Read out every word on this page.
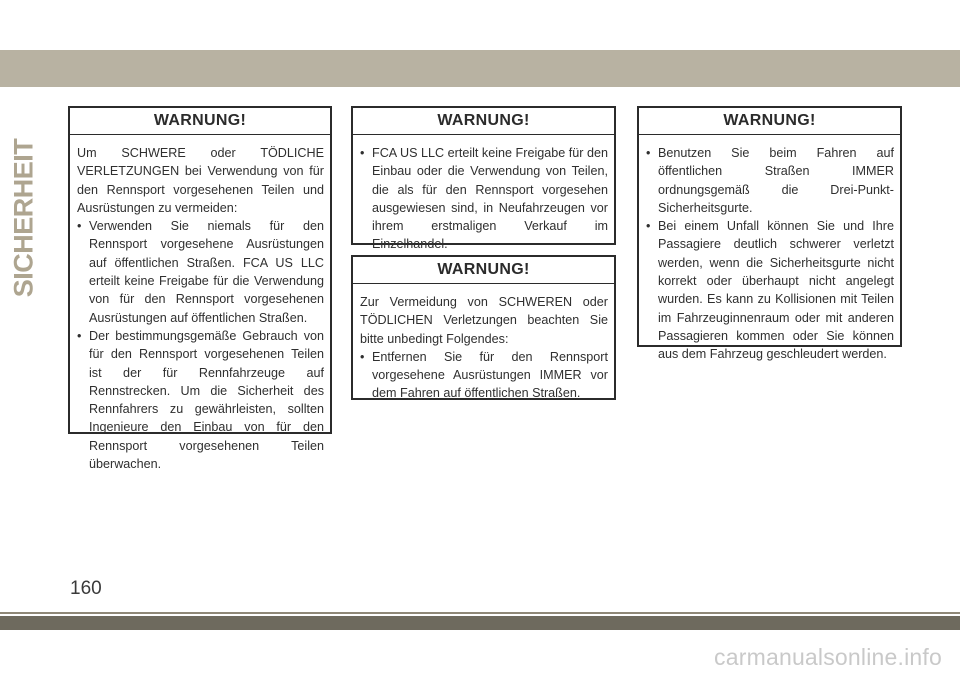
SICHERHEIT
WARNUNG!

Um SCHWERE oder TÖDLICHE VERLETZUNGEN bei Verwendung von für den Rennsport vorgesehenen Teilen und Ausrüstungen zu vermeiden:

• Verwenden Sie niemals für den Rennsport vorgesehene Ausrüstungen auf öffentlichen Straßen. FCA US LLC erteilt keine Freigabe für die Verwendung von für den Rennsport vorgesehenen Ausrüstungen auf öffentlichen Straßen.
• Der bestimmungsgemäße Gebrauch von für den Rennsport vorgesehenen Teilen ist der für Rennfahrzeuge auf Rennstrecken. Um die Sicherheit des Rennfahrers zu gewährleisten, sollten Ingenieure den Einbau von für den Rennsport vorgesehenen Teilen überwachen.
WARNUNG!
• FCA US LLC erteilt keine Freigabe für den Einbau oder die Verwendung von Teilen, die als für den Rennsport vorgesehen ausgewiesen sind, in Neufahrzeugen vor ihrem erstmaligen Verkauf im Einzelhandel.
WARNUNG!

Zur Vermeidung von SCHWEREN oder TÖDLICHEN Verletzungen beachten Sie bitte unbedingt Folgendes:

• Entfernen Sie für den Rennsport vorgesehene Ausrüstungen IMMER vor dem Fahren auf öffentlichen Straßen.
WARNUNG!
• Benutzen Sie beim Fahren auf öffentlichen Straßen IMMER ordnungsgemäß die Drei-Punkt-Sicherheitsgurte.
• Bei einem Unfall können Sie und Ihre Passagiere deutlich schwerer verletzt werden, wenn die Sicherheitsgurte nicht korrekt oder überhaupt nicht angelegt wurden. Es kann zu Kollisionen mit Teilen im Fahrzeuginnenraum oder mit anderen Passagieren kommen oder Sie können aus dem Fahrzeug geschleudert werden.
160
carmanualsonline.info
